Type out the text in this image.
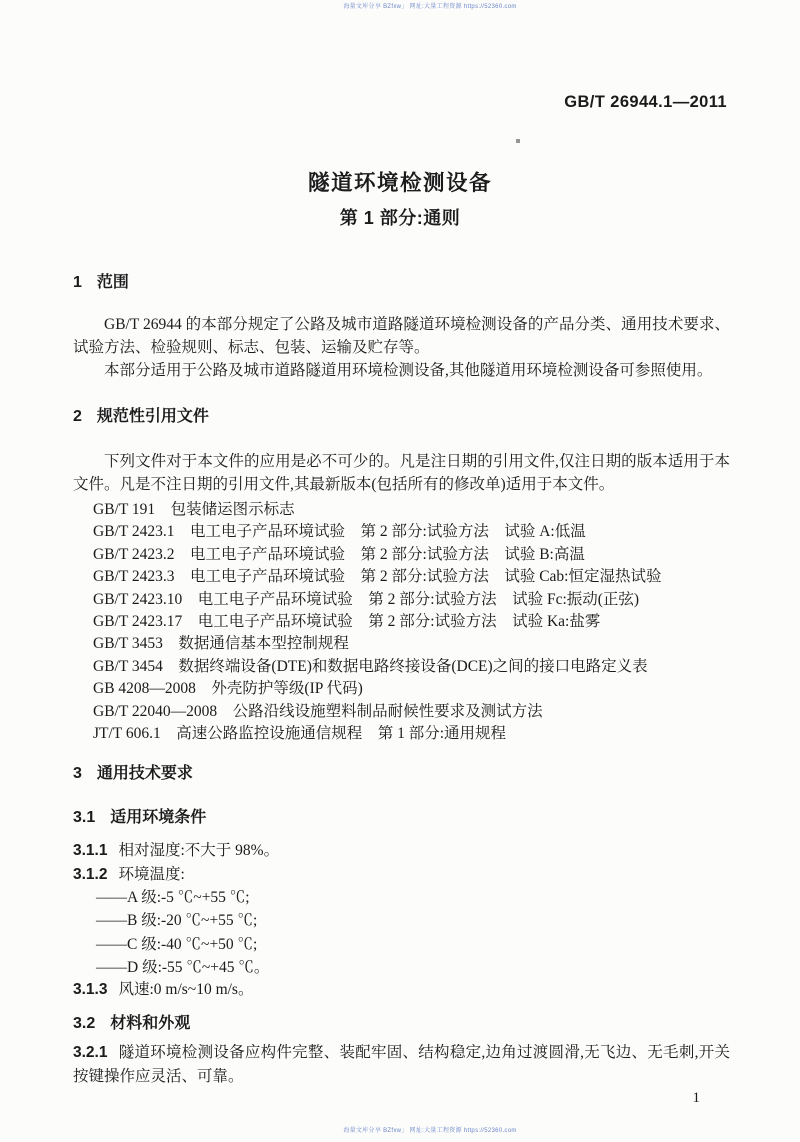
海量文库分享 BZfxw」 网址:大量工程资源 https://52360.com
GB/T 26944.1—2011
隧道环境检测设备
第 1 部分:通则
1 范围
GB/T 26944 的本部分规定了公路及城市道路隧道环境检测设备的产品分类、通用技术要求、试验方法、检验规则、标志、包装、运输及贮存等。
本部分适用于公路及城市道路隧道用环境检测设备,其他隧道用环境检测设备可参照使用。
2 规范性引用文件
下列文件对于本文件的应用是必不可少的。凡是注日期的引用文件,仅注日期的版本适用于本文件。凡是不注日期的引用文件,其最新版本(包括所有的修改单)适用于本文件。
GB/T 191　包装储运图示标志
GB/T 2423.1　电工电子产品环境试验　第 2 部分:试验方法　试验 A:低温
GB/T 2423.2　电工电子产品环境试验　第 2 部分:试验方法　试验 B:高温
GB/T 2423.3　电工电子产品环境试验　第 2 部分:试验方法　试验 Cab:恒定湿热试验
GB/T 2423.10　电工电子产品环境试验　第 2 部分:试验方法　试验 Fc:振动(正弦)
GB/T 2423.17　电工电子产品环境试验　第 2 部分:试验方法　试验 Ka:盐雾
GB/T 3453　数据通信基本型控制规程
GB/T 3454　数据终端设备(DTE)和数据电路终接设备(DCE)之间的接口电路定义表
GB 4208—2008　外壳防护等级(IP 代码)
GB/T 22040—2008　公路沿线设施塑料制品耐候性要求及测试方法
JT/T 606.1　高速公路监控设施通信规程　第 1 部分:通用规程
3 通用技术要求
3.1 适用环境条件
3.1.1 相对湿度:不大于 98%。
3.1.2 环境温度:
——A 级:-5 ℃~+55 ℃;
——B 级:-20 ℃~+55 ℃;
——C 级:-40 ℃~+50 ℃;
——D 级:-55 ℃~+45 ℃。
3.1.3 风速:0 m/s~10 m/s。
3.2 材料和外观
3.2.1 隧道环境检测设备应构件完整、装配牢固、结构稳定,边角过渡圆滑,无飞边、无毛刺,开关按键操作应灵活、可靠。
1
海量文库分享 BZfxw」 网址:大量工程资源 https://52360.com
